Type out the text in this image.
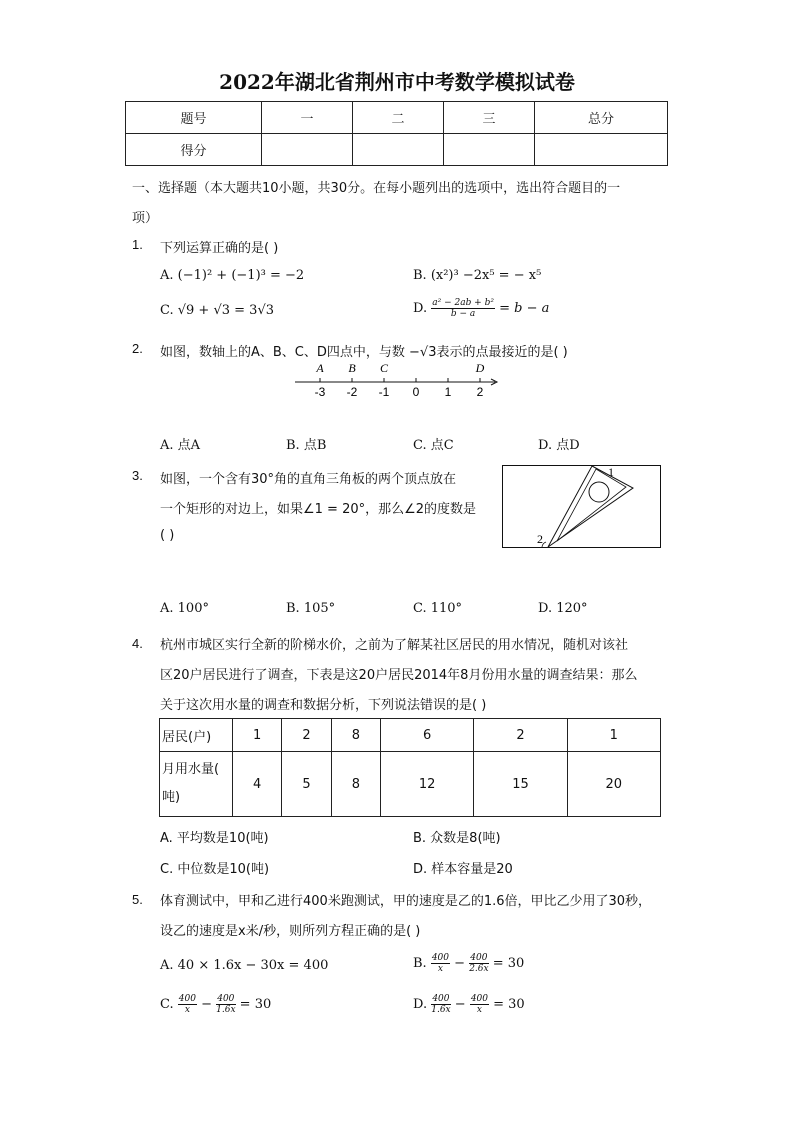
2022年湖北省荆州市中考数学模拟试卷
题号	一	二	三	总分
得分				
一、选择题（本大题共10小题，共30分。在每小题列出的选项中，选出符合题目的一
项）
1. 下列运算正确的是( )
A. (−1)² + (−1)³ = −2	B. (x²)³ −2x⁵ = − x⁵
C. √9 + √3 = 3√3	D. $\frac{\text{a² − 2ab + b²}}{b - a} = b - a$
2. 如图，数轴上的A、B、C、D四点中，与数 −√3表示的点最接近的是( )
-3 -2 -1 0 1 2
A B C	D
A. 点A	B. 点B	C. 点C	D. 点D
3. 如图，一个含有30°角的直角三角板的两个顶点放在
一个矩形的对边上，如果∠1 = 20°，那么∠2的度数是
( )
1
2
A. 100°	B. 105°	C. 110°	D. 120°
4. 杭州市城区实行全新的阶梯水价，之前为了解某社区居民的用水情况，随机对该社
区20户居民进行了调查，下表是这20户居民2014年8月份用水量的调查结果：那么
关于这次用水量的调查和数据分析，下列说法错误的是( )
居民(户)	1	2	8	6	2	1

月用水量(
吨)	4	5	8	12	15	20
A. 平均数是10(吨)	B. 众数是8(吨)
C. 中位数是10(吨)	D. 样本容量是20
5. 体育测试中，甲和乙进行400米跑测试，甲的速度是乙的1.6倍，甲比乙少用了30秒，
设乙的速度是x米/秒，则所列方程正确的是( )
A. 40 × 1.6x − 30x = 400	B. $\frac{400}{x} - \frac{400}{2.6x} = 30$
C. $\frac{400}{x} - \frac{400}{1.6x} = 30$	D. $\frac{400}{1.6x} - \frac{400}{x} = 30$
